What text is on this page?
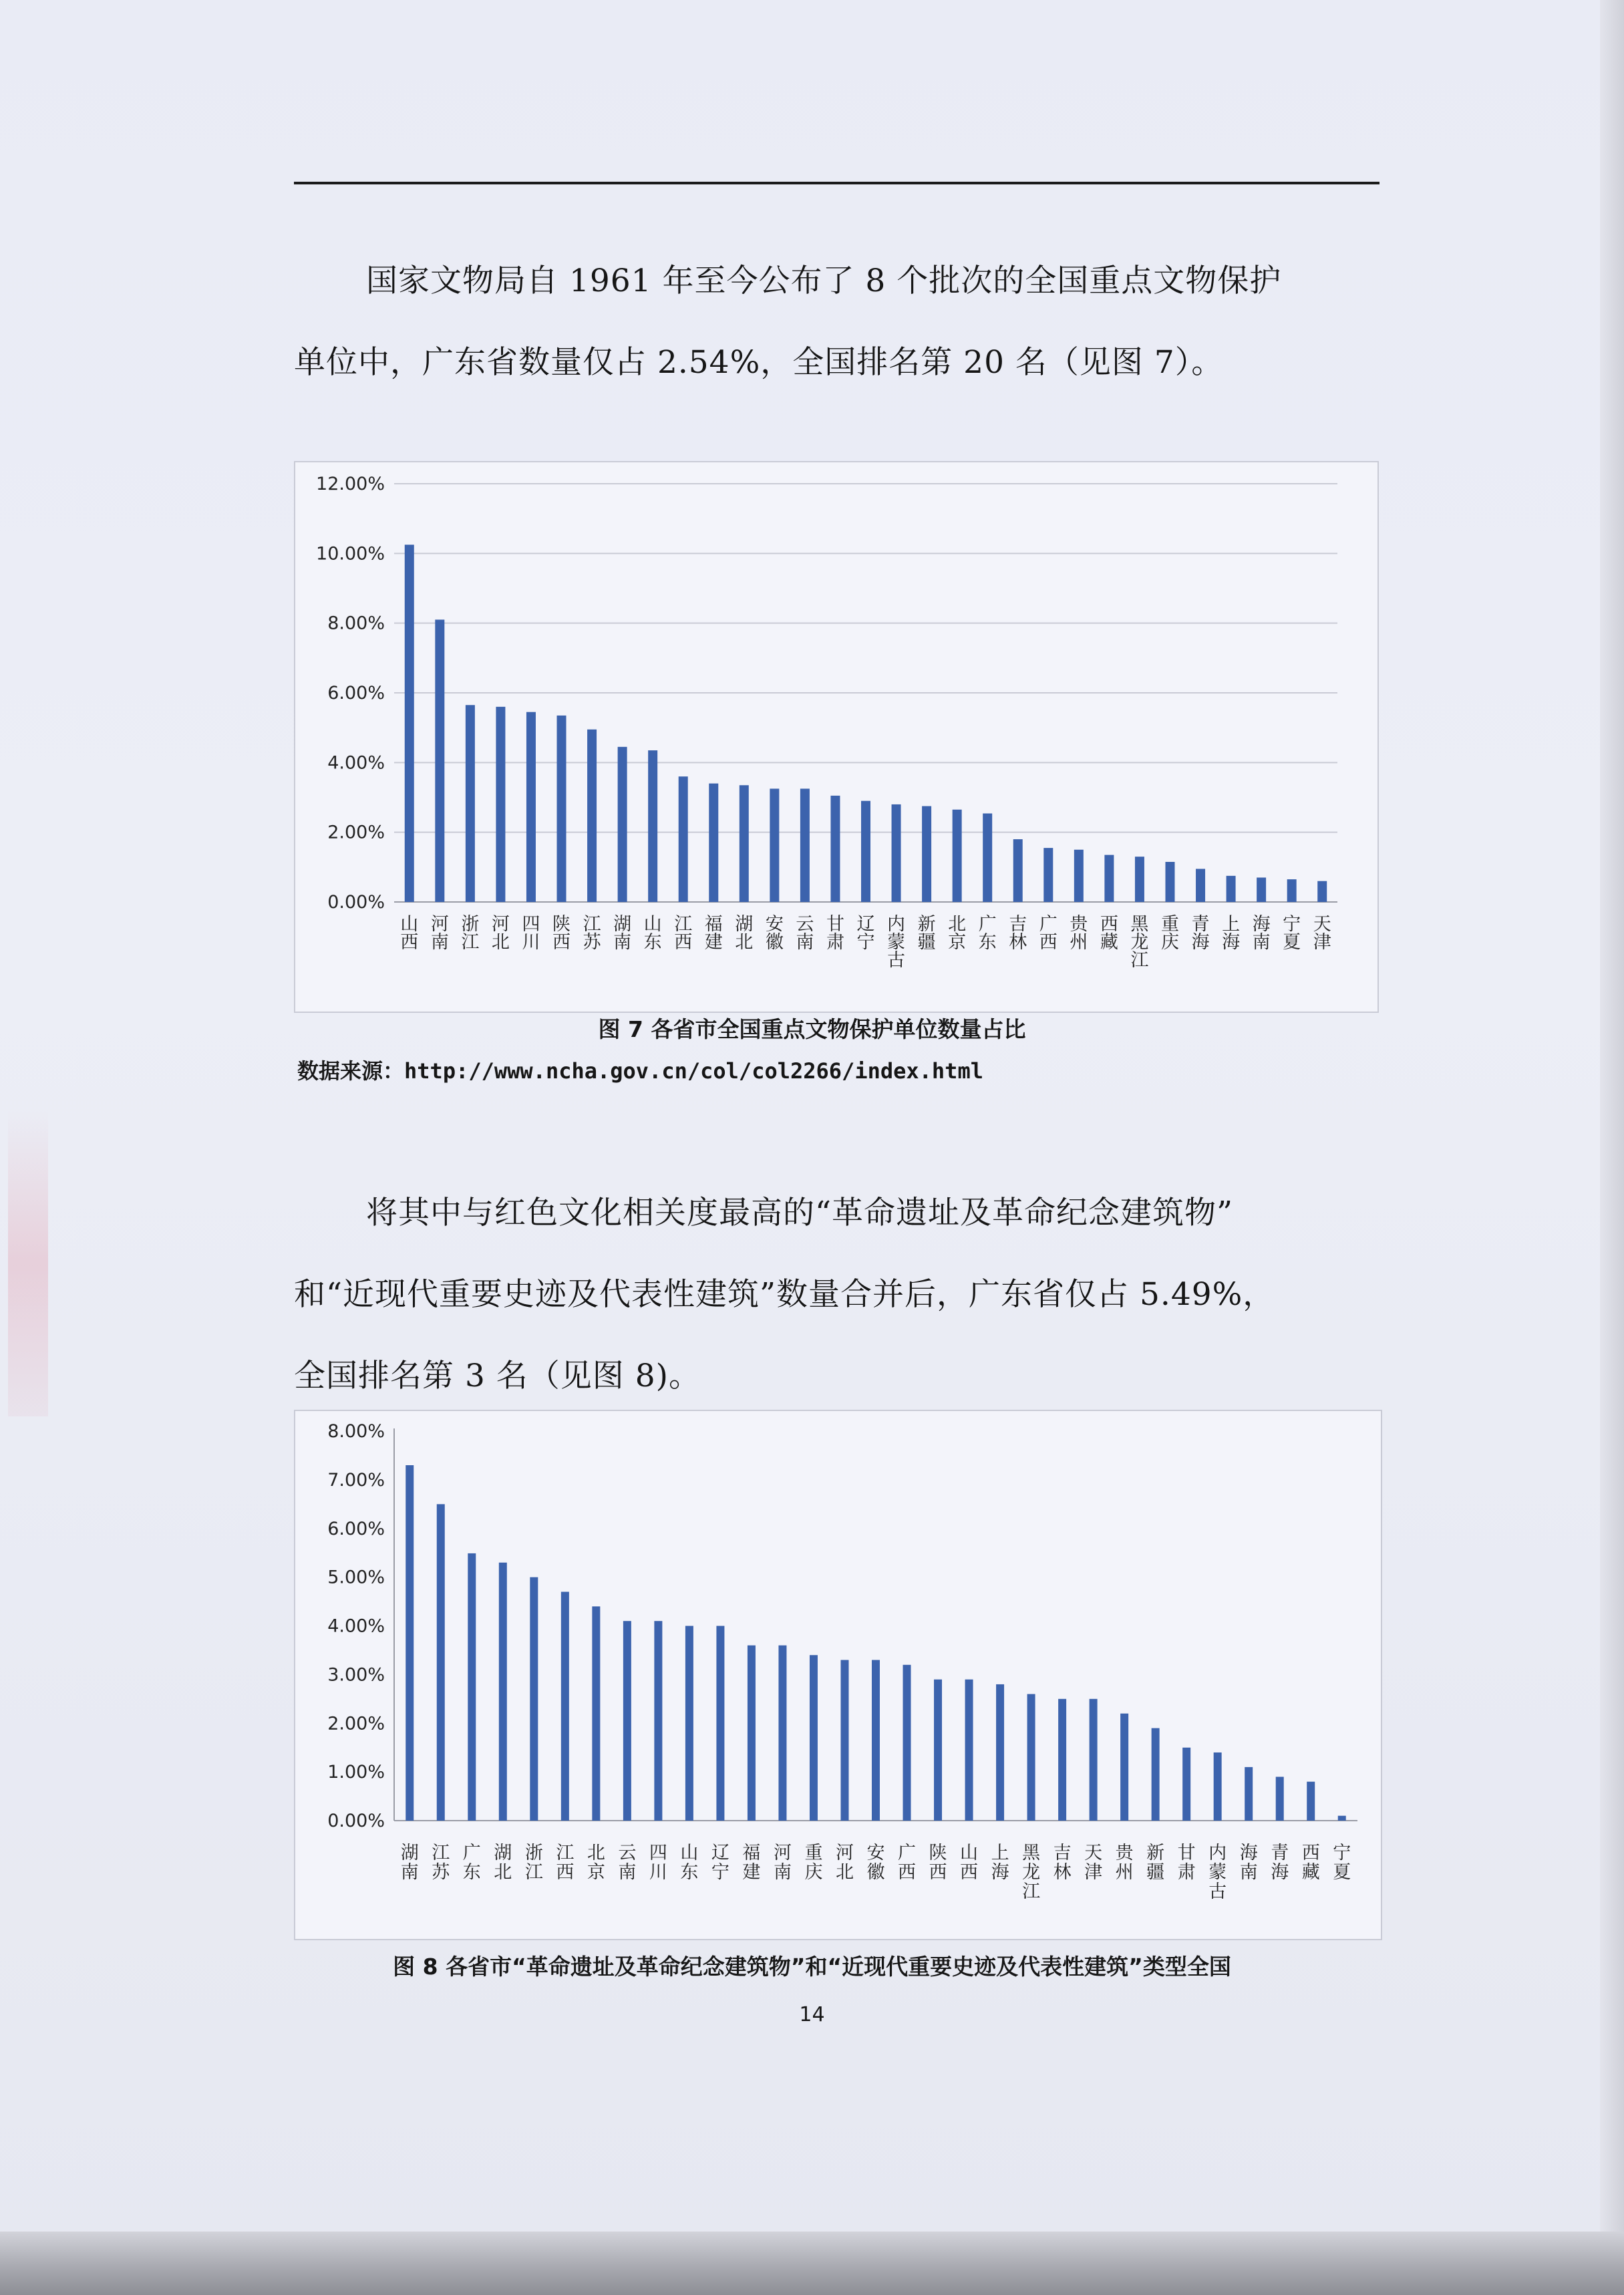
国家文物局自 1961 年至今公布了 8 个批次的全国重点文物保护
单位中，广东省数量仅占 2.54%，全国排名第 20 名（见图 7）。

0.00%
2.00%
4.00%
6.00%
8.00%
10.00%
12.00%
山西
河南
浙江
河北
四川
陕西
江苏
湖南
山东
江西
福建
湖北
安徽
云南
甘肃
辽宁
内蒙古
新疆
北京
广东
吉林
广西
贵州
西藏
黑龙江
重庆
青海
上海
海南
宁夏
天津
图 7 各省市全国重点文物保护单位数量占比
数据来源：http://www.ncha.gov.cn/col/col2266/index.html

将其中与红色文化相关度最高的“革命遗址及革命纪念建筑物”
和“近现代重要史迹及代表性建筑”数量合并后，广东省仅占 5.49%，
全国排名第 3 名（见图 8)。

0.00%
1.00%
2.00%
3.00%
4.00%
5.00%
6.00%
7.00%
8.00%
湖南
江苏
广东
湖北
浙江
江西
北京
云南
四川
山东
辽宁
福建
河南
重庆
河北
安徽
广西
陕西
山西
上海
黑龙江
吉林
天津
贵州
新疆
甘肃
内蒙古
海南
青海
西藏
宁夏
图 8 各省市“革命遗址及革命纪念建筑物”和“近现代重要史迹及代表性建筑”类型全国
14
